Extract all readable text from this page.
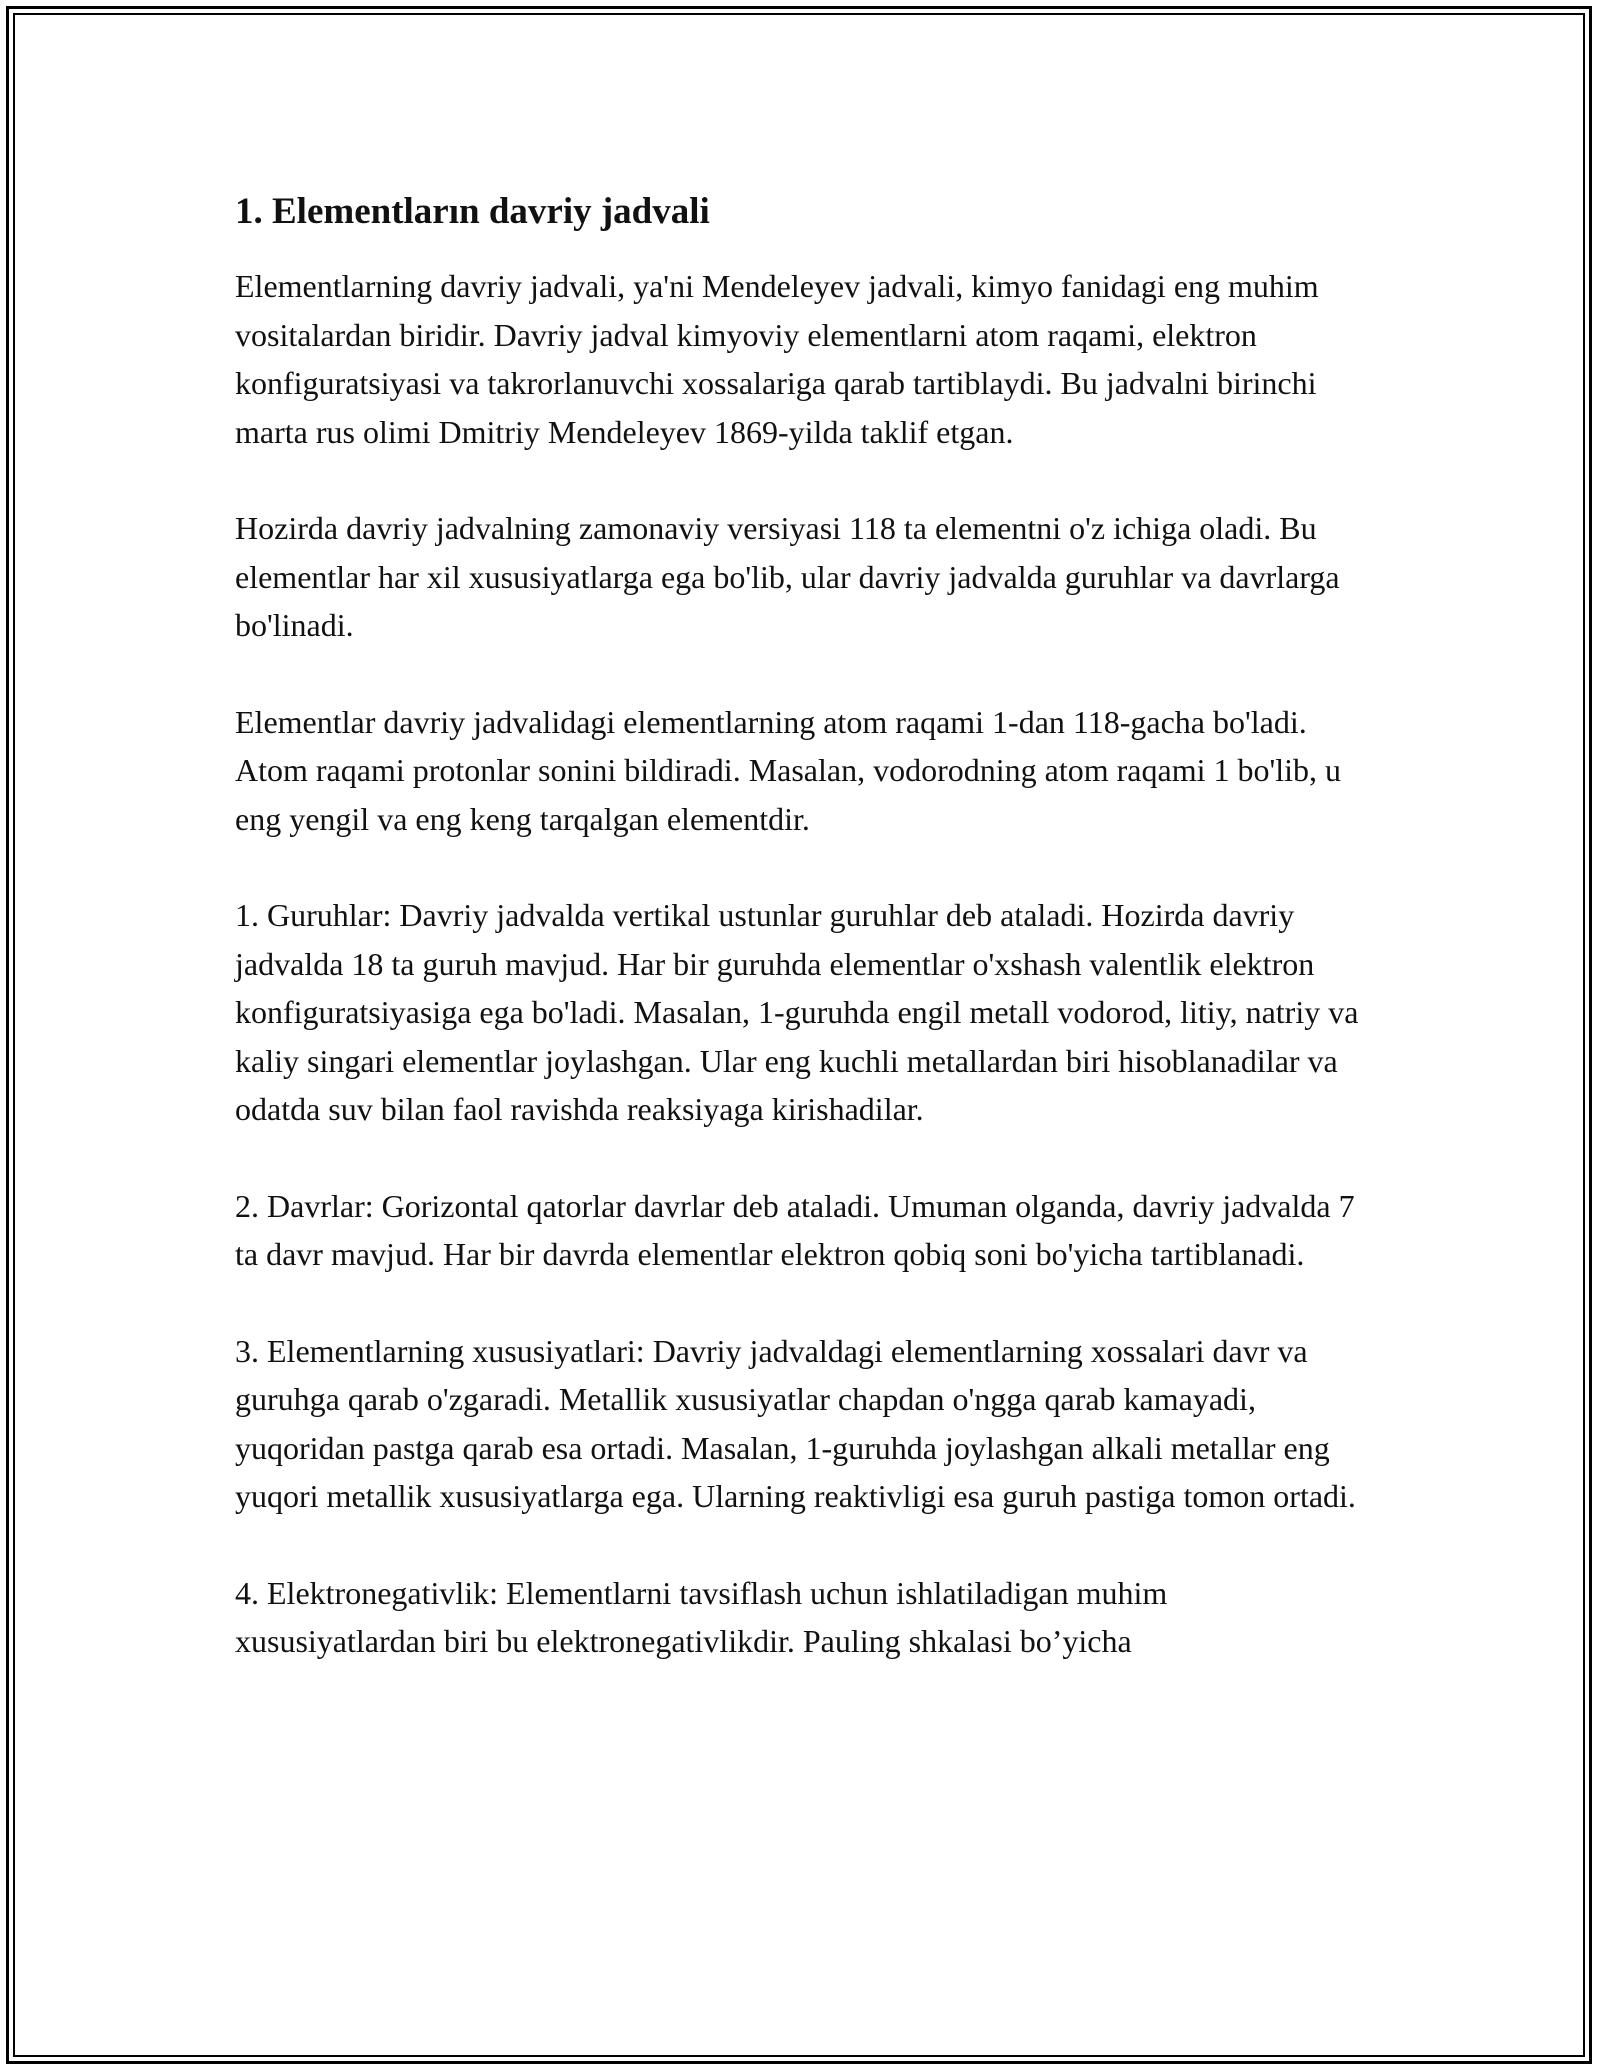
1. Elementların davriy jadvali

Elementlarning davriy jadvali, ya'ni Mendeleyev jadvali, kimyo fanidagi eng muhim vositalardan biridir. Davriy jadval kimyoviy elementlarni atom raqami, elektron konfiguratsiyasi va takrorlanuvchi xossalariga qarab tartiblaydi. Bu jadvalni birinchi marta rus olimi Dmitriy Mendeleyev 1869-yilda taklif etgan.

Hozirda davriy jadvalning zamonaviy versiyasi 118 ta elementni o'z ichiga oladi. Bu elementlar har xil xususiyatlarga ega bo'lib, ular davriy jadvalda guruhlar va davrlarga bo'linadi.

Elementlar davriy jadvalidagi elementlarning atom raqami 1-dan 118-gacha bo'ladi. Atom raqami protonlar sonini bildiradi. Masalan, vodorodning atom raqami 1 bo'lib, u eng yengil va eng keng tarqalgan elementdir.

1. Guruhlar: Davriy jadvalda vertikal ustunlar guruhlar deb ataladi. Hozirda davriy jadvalda 18 ta guruh mavjud. Har bir guruhda elementlar o'xshash valentlik elektron konfiguratsiyasiga ega bo'ladi. Masalan, 1-guruhda engil metall vodorod, litiy, natriy va kaliy singari elementlar joylashgan. Ular eng kuchli metallardan biri hisoblanadilar va odatda suv bilan faol ravishda reaksiyaga kirishadilar.

2. Davrlar: Gorizontal qatorlar davrlar deb ataladi. Umuman olganda, davriy jadvalda 7 ta davr mavjud. Har bir davrda elementlar elektron qobiq soni bo'yicha tartiblanadi.

3. Elementlarning xususiyatlari: Davriy jadvaldagi elementlarning xossalari davr va guruhga qarab o'zgaradi. Metallik xususiyatlar chapdan o'ngga qarab kamayadi, yuqoridan pastga qarab esa ortadi. Masalan, 1-guruhda joylashgan alkali metallar eng yuqori metallik xususiyatlarga ega. Ularning reaktivligi esa guruh pastiga tomon ortadi.

4. Elektronegativlik: Elementlarni tavsiflash uchun ishlatiladigan muhim xususiyatlardan biri bu elektronegativlikdir. Pauling shkalasi bo’yicha
